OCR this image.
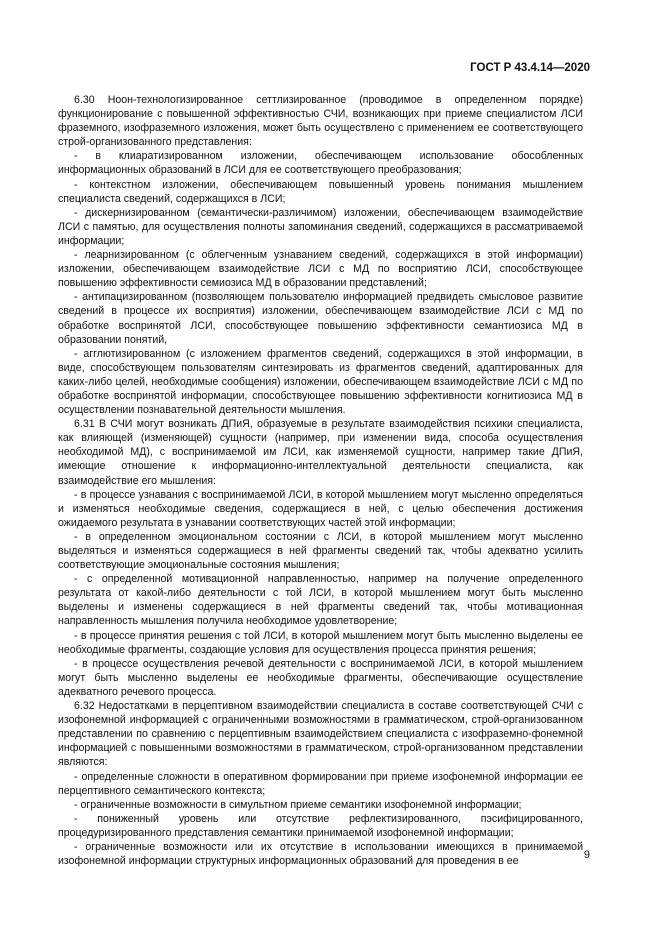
ГОСТ Р 43.4.14—2020

6.30 Ноон-технологизированное сеттлизированное (проводимое в определенном порядке) функционирование с повышенной эффективностью СЧИ, возникающих при приеме специалистом ЛСИ фраземного, изофраземного изложения, может быть осуществлено с применением ее соответствующего строй-организованного представления:

- в клиаратизированном изложении, обеспечивающем использование обособленных информационных образований в ЛСИ для ее соответствующего преобразования;

- контекстном изложении, обеспечивающем повышенный уровень понимания мышлением специалиста сведений, содержащихся в ЛСИ;

- дискернизированном (семантически-различимом) изложении, обеспечивающем взаимодействие ЛСИ с памятью, для осуществления полноты запоминания сведений, содержащихся в рассматриваемой информации;

- леарнизированном (с облегченным узнаванием сведений, содержащихся в этой информации) изложении, обеспечивающем взаимодействие ЛСИ с МД по восприятию ЛСИ, способствующее повышению эффективности семиозиса МД в образовании представлений;

- антипацизированном (позволяющем пользователю информацией предвидеть смысловое развитие сведений в процессе их восприятия) изложении, обеспечивающем взаимодействие ЛСИ с МД по обработке воспринятой ЛСИ, способствующее повышению эффективности семантиозиса МД в образовании понятий,

- агглютизированном (с изложением фрагментов сведений, содержащихся в этой информации, в виде, способствующем пользователям синтезировать из фрагментов сведений, адаптированных для каких-либо целей, необходимые сообщения) изложении, обеспечивающем взаимодействие ЛСИ с МД по обработке воспринятой информации, способствующее повышению эффективности когнитиозиса МД в осуществлении познавательной деятельности мышления.

6.31 В СЧИ могут возникать ДПиЯ, образуемые в результате взаимодействия психики специалиста, как влияющей (изменяющей) сущности (например, при изменении вида, способа осуществления необходимой МД), с воспринимаемой им ЛСИ, как изменяемой сущности, например такие ДПиЯ, имеющие отношение к информационно-интеллектуальной деятельности специалиста, как взаимодействие его мышления:

- в процессе узнавания с воспринимаемой ЛСИ, в которой мышлением могут мысленно определяться и изменяться необходимые сведения, содержащиеся в ней, с целью обеспечения достижения ожидаемого результата в узнавании соответствующих частей этой информации;

- в определенном эмоциональном состоянии с ЛСИ, в которой мышлением могут мысленно выделяться и изменяться содержащиеся в ней фрагменты сведений так, чтобы адекватно усилить соответствующие эмоциональные состояния мышления;

- с определенной мотивационной направленностью, например на получение определенного результата от какой-либо деятельности с той ЛСИ, в которой мышлением могут быть мысленно выделены и изменены содержащиеся в ней фрагменты сведений так, чтобы мотивационная направленность мышления получила необходимое удовлетворение;

- в процессе принятия решения с той ЛСИ, в которой мышлением могут быть мысленно выделены ее необходимые фрагменты, создающие условия для осуществления процесса принятия решения;

- в процессе осуществления речевой деятельности с воспринимаемой ЛСИ, в которой мышлением могут быть мысленно выделены ее необходимые фрагменты, обеспечивающие осуществление адекватного речевого процесса.

6.32 Недостатками в перцептивном взаимодействии специалиста в составе соответствующей СЧИ с изофонемной информацией с ограниченными возможностями в грамматическом, строй-организованном представлении по сравнению с перцептивным взаимодействием специалиста с изофраземно-фонемной информацией с повышенными возможностями в грамматическом, строй-организованном представлении являются:

- определенные сложности в оперативном формировании при приеме изофонемной информации ее перцептивного семантического контекста;

- ограниченные возможности в симультном приеме семантики изофонемной информации;

- пониженный уровень или отсутствие рефлектизированного, пэсифицированного, процедуризированного представления семантики принимаемой изофонемной информации;

- ограниченные возможности или их отсутствие в использовании имеющихся в принимаемой изофонемной информации структурных информационных образований для проведения в ее

9
